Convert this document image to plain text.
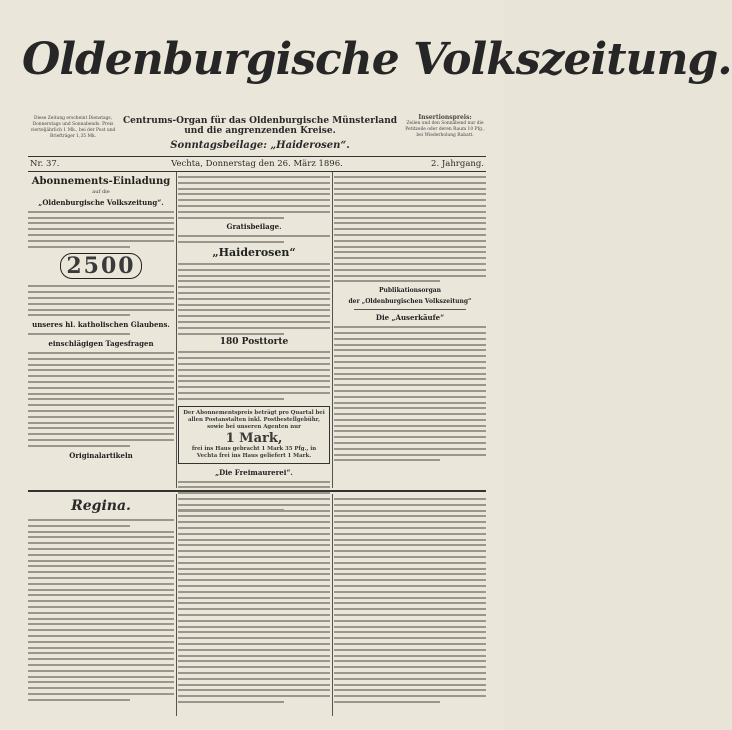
Oldenburgische Volkszeitung.
Diese Zeitung erscheint Dienstags, Donnerstags und Sonnabends. Preis vierteljährlich 1 Mk., bei der Post und Briefträger 1,35 Mk.
Centrums-Organ für das Oldenburgische Münsterland
und die angrenzenden Kreise.
Sonntagsbeilage: „Haiderosen“.
Insertionspreis:
Zeilen und den Sonnabend nur die Petitzeile oder deren Raum 10 Pfg., bei Wiederholung Rabatt.
Nr. 37.	Vechta, Donnerstag den 26. März 1896.	2. Jahrgang.
Abonnements-Einladung
auf die
„Oldenburgische Volkszeitung“.
2500
unseres hl. katholischen Glaubens.
einschlägigen Tagesfragen
Originalartikeln
Gratisbeilage.
„Haiderosen“
180 Posttorte
Der Abonnementspreis beträgt pro Quartal bei allen Postanstalten inkl. Postbestellgebühr, sowie bei unseren Agenten nur
1 Mark,
frei ins Haus gebracht 1 Mark 35 Pfg., in Vechta frei ins Haus geliefert 1 Mark.
„Die Freimaurerei“.
Publikationsorgan
der „Oldenburgischen Volkszeitung“
Die „Auserkäufe“
Regina.
